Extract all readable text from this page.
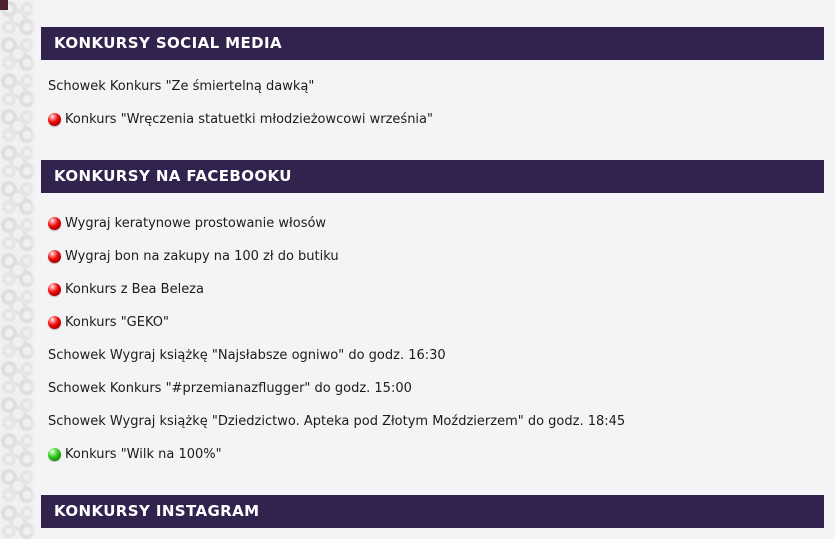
KONKURSY SOCIAL MEDIA
Schowek Konkurs "Ze śmiertelną dawką"
Konkurs "Wręczenia statuetki młodzieżowcowi września"
KONKURSY NA FACEBOOKU
Wygraj keratynowe prostowanie włosów
Wygraj bon na zakupy na 100 zł do butiku
Konkurs z Bea Beleza
Konkurs "GEKO"
Schowek Wygraj książkę "Najsłabsze ogniwo" do godz. 16:30
Schowek Konkurs "#przemianazflugger" do godz. 15:00
Schowek Wygraj książkę "Dziedzictwo. Apteka pod Złotym Moździerzem" do godz. 18:45
Konkurs "Wilk na 100%"
KONKURSY INSTAGRAM
